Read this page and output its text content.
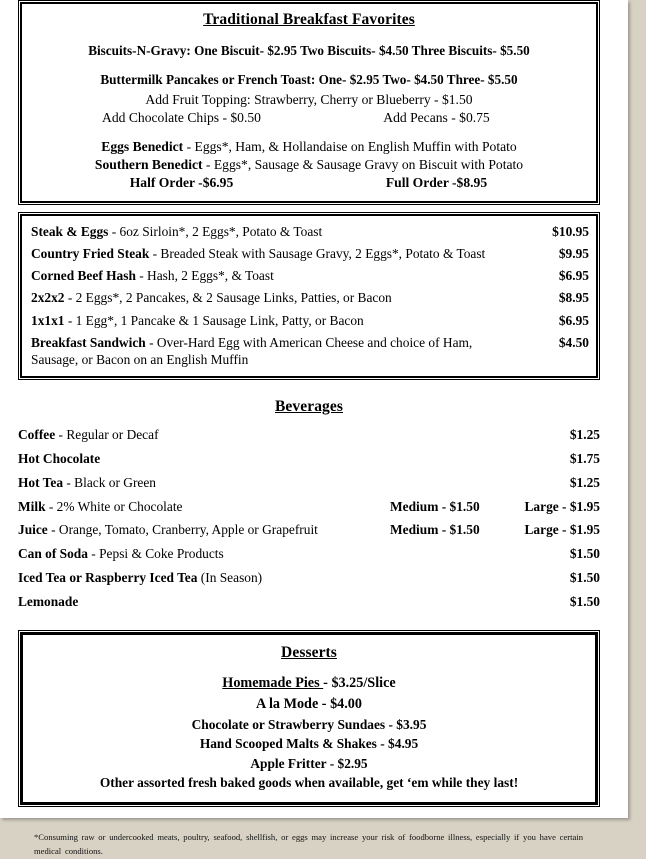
Traditional Breakfast Favorites
Biscuits-N-Gravy: One Biscuit- $2.95 Two Biscuits- $4.50 Three Biscuits- $5.50
Buttermilk Pancakes or French Toast: One- $2.95 Two- $4.50 Three- $5.50
Add Fruit Topping: Strawberry, Cherry or Blueberry - $1.50
Add Chocolate Chips - $0.50	Add Pecans - $0.75
Eggs Benedict - Eggs*, Ham, & Hollandaise on English Muffin with Potato
Southern Benedict - Eggs*, Sausage & Sausage Gravy on Biscuit with Potato
Half Order -$6.95	Full Order -$8.95
Steak & Eggs - 6oz Sirloin*, 2 Eggs*, Potato & Toast	$10.95
Country Fried Steak - Breaded Steak with Sausage Gravy, 2 Eggs*, Potato & Toast	$9.95
Corned Beef Hash - Hash, 2 Eggs*, & Toast	$6.95
2x2x2 - 2 Eggs*, 2 Pancakes, & 2 Sausage Links, Patties, or Bacon	$8.95
1x1x1 - 1 Egg*, 1 Pancake & 1 Sausage Link, Patty, or Bacon	$6.95
Breakfast Sandwich - Over-Hard Egg with American Cheese and choice of Ham, Sausage, or Bacon on an English Muffin
$4.50
Beverages
Coffee - Regular or Decaf	$1.25
Hot Chocolate	$1.75
Hot Tea - Black or Green	$1.25
Milk - 2% White or Chocolate	Medium - $1.50	Large - $1.95
Juice - Orange, Tomato, Cranberry, Apple or Grapefruit	Medium - $1.50	Large - $1.95
Can of Soda - Pepsi & Coke Products	$1.50
Iced Tea or Raspberry Iced Tea (In Season)	$1.50
Lemonade	$1.50
Desserts
Homemade Pies - $3.25/Slice
A la Mode - $4.00
Chocolate or Strawberry Sundaes - $3.95
Hand Scooped Malts & Shakes - $4.95
Apple Fritter - $2.95
Other assorted fresh baked goods when available, get ‘em while they last!
*Consuming raw or undercooked meats, poultry, seafood, shellfish, or eggs may increase your risk of foodborne illness, especially if you have certain medical conditions.
